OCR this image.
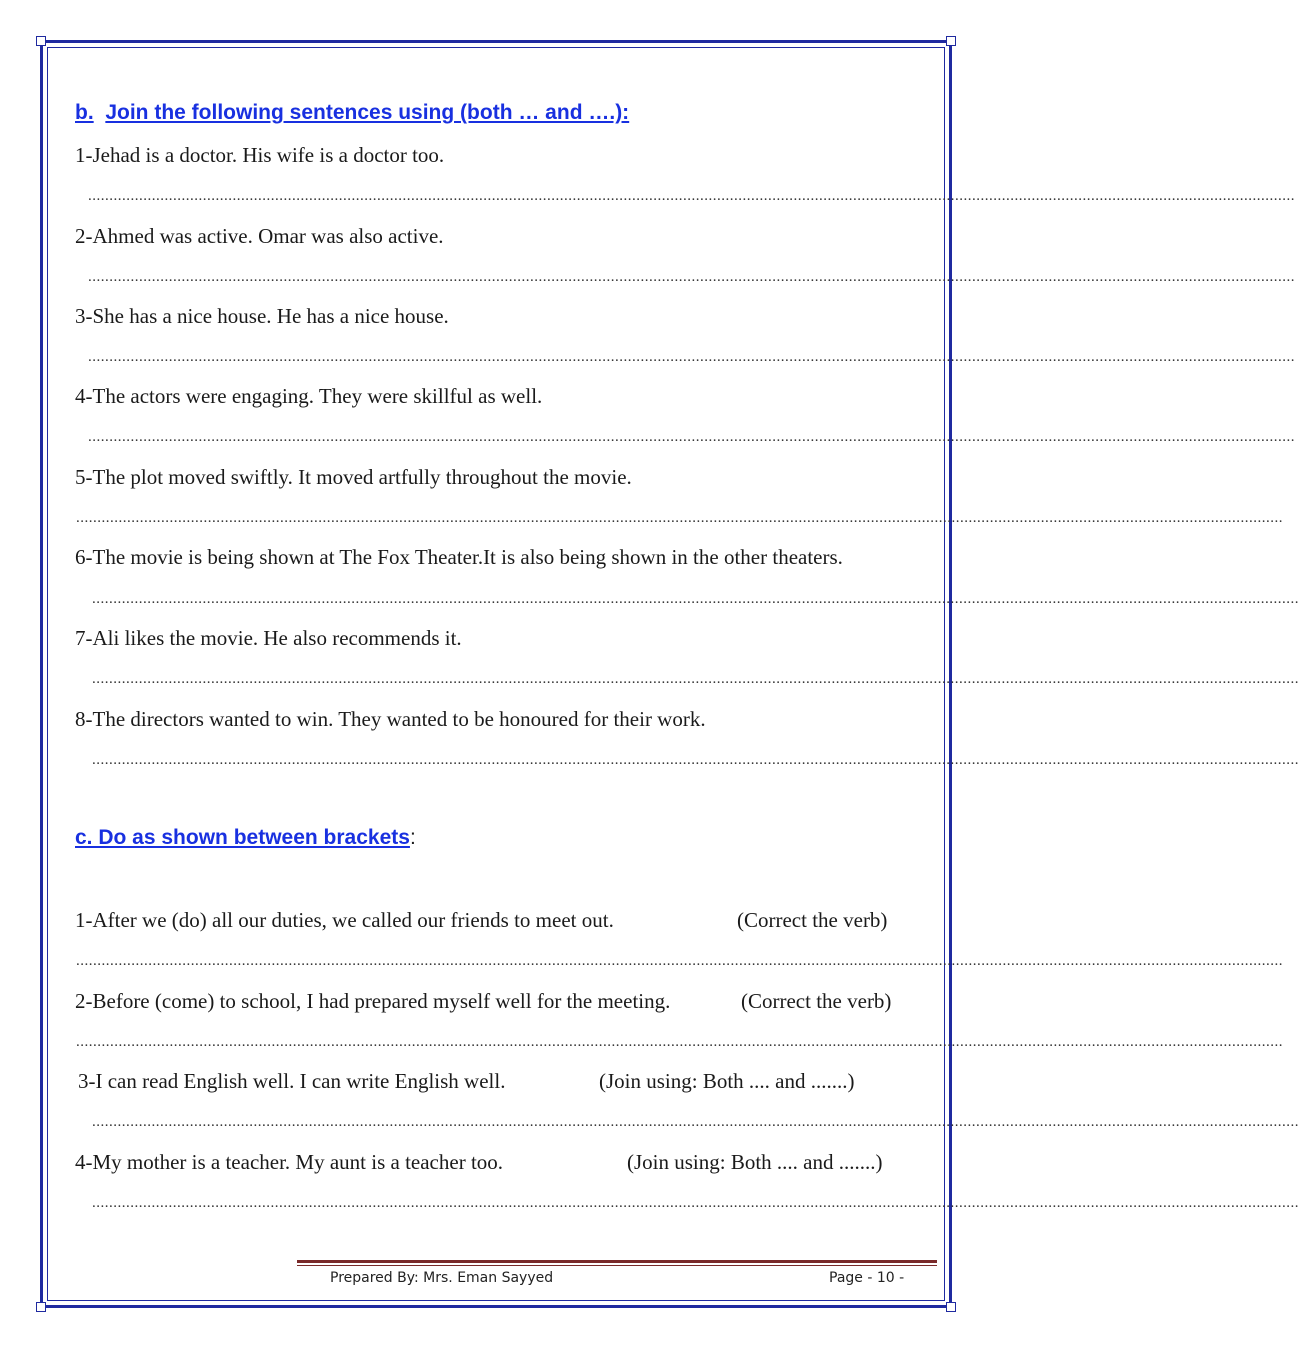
b. Join the following sentences using (both … and ….):
1-Jehad is a doctor. His wife is a doctor too.
............................................................................................................................................................................................................................................................................................
2-Ahmed was active. Omar was also active.
............................................................................................................................................................................................................................................................................................
3-She has a nice house. He has a nice house.
............................................................................................................................................................................................................................................................................................
4-The actors were engaging. They were skillful as well.
............................................................................................................................................................................................................................................................................................
5-The plot moved swiftly. It moved artfully throughout the movie.
............................................................................................................................................................................................................................................................................................
6-The movie is being shown at The Fox Theater.It is also being shown in the other theaters.
............................................................................................................................................................................................................................................................................................
7-Ali likes the movie. He also recommends it.
............................................................................................................................................................................................................................................................................................
8-The directors wanted to win. They wanted to be honoured for their work.
............................................................................................................................................................................................................................................................................................
c. Do as shown between brackets:
1-After we (do) all our duties, we called our friends to meet out.	(Correct the verb)
............................................................................................................................................................................................................................................................................................
2-Before (come) to school, I had prepared myself well for the meeting.	(Correct the verb)
............................................................................................................................................................................................................................................................................................
3-I can read English well. I can write English well.	(Join using: Both .... and .......)
............................................................................................................................................................................................................................................................................................
4-My mother is a teacher. My aunt is a teacher too.	(Join using: Both .... and .......)
............................................................................................................................................................................................................................................................................................
Prepared By: Mrs. Eman Sayyed	Page - 10 -
